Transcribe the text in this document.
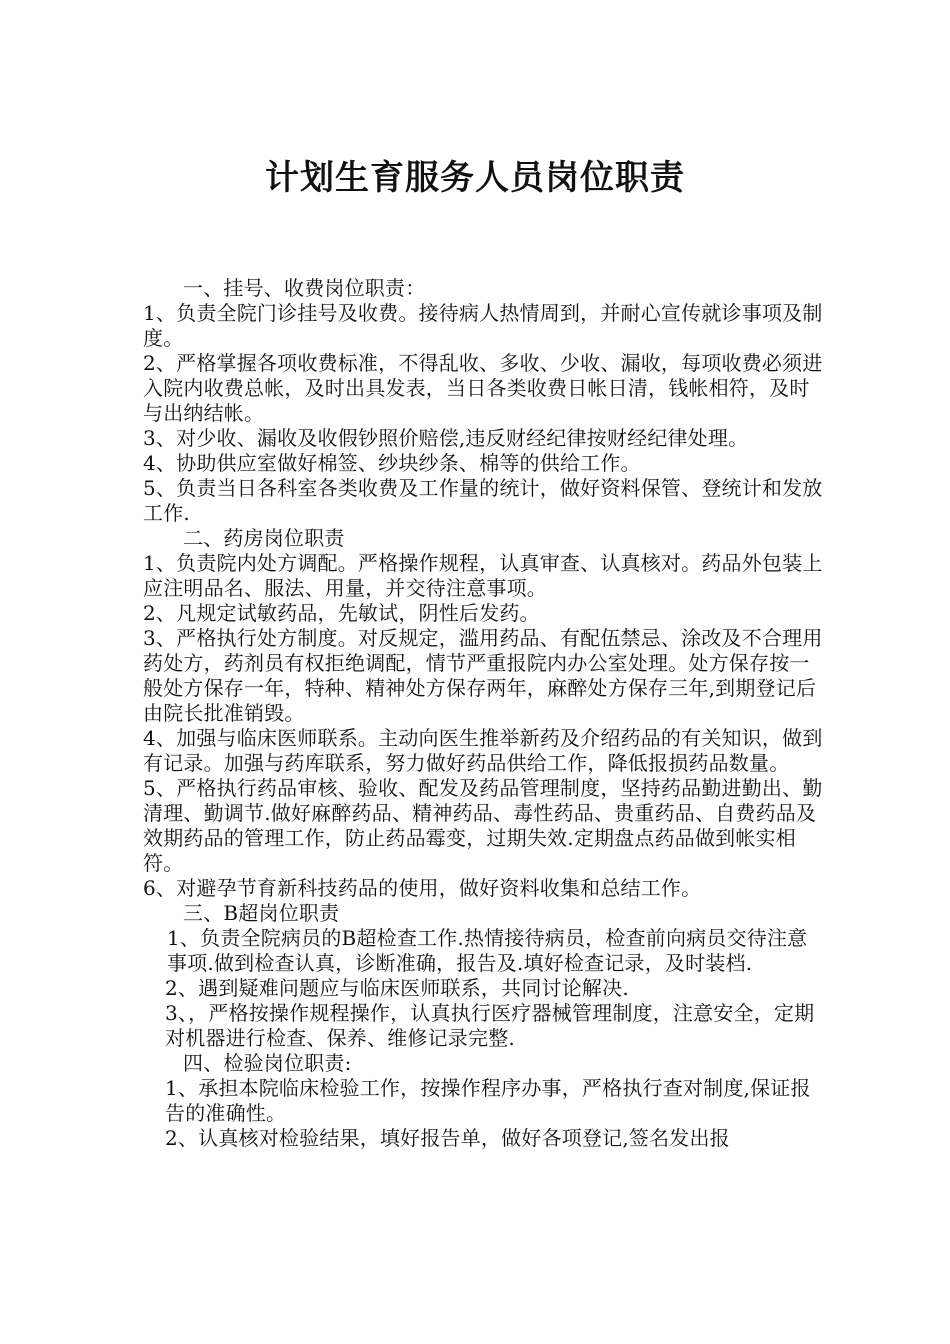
计划生育服务人员岗位职责

一、挂号、收费岗位职责：

1、负责全院门诊挂号及收费。接待病人热情周到，并耐心宣传就诊事项及制度。

2、严格掌握各项收费标准，不得乱收、多收、少收、漏收，每项收费必须进入院内收费总帐，及时出具发表，当日各类收费日帐日清，钱帐相符，及时与出纳结帐。

3、对少收、漏收及收假钞照价赔偿,违反财经纪律按财经纪律处理。

4、协助供应室做好棉签、纱块纱条、棉等的供给工作。

5、负责当日各科室各类收费及工作量的统计，做好资料保管、登统计和发放工作.

二、药房岗位职责

1、负责院内处方调配。严格操作规程，认真审查、认真核对。药品外包装上应注明品名、服法、用量，并交待注意事项。

2、凡规定试敏药品，先敏试，阴性后发药。

3、严格执行处方制度。对反规定，滥用药品、有配伍禁忌、涂改及不合理用药处方，药剂员有权拒绝调配，情节严重报院内办公室处理。处方保存按一般处方保存一年，特种、精神处方保存两年，麻醉处方保存三年,到期登记后由院长批准销毁。

4、加强与临床医师联系。主动向医生推举新药及介绍药品的有关知识，做到有记录。加强与药库联系，努力做好药品供给工作，降低报损药品数量。

5、严格执行药品审核、验收、配发及药品管理制度，坚持药品勤进勤出、勤清理、勤调节.做好麻醉药品、精神药品、毒性药品、贵重药品、自费药品及效期药品的管理工作，防止药品霉变，过期失效.定期盘点药品做到帐实相符。

6、对避孕节育新科技药品的使用，做好资料收集和总结工作。

三、B超岗位职责

1、负责全院病员的B超检查工作.热情接待病员，检查前向病员交待注意事项.做到检查认真，诊断准确，报告及.填好检查记录，及时装档.

2、遇到疑难问题应与临床医师联系，共同讨论解决.

3、，严格按操作规程操作，认真执行医疗器械管理制度，注意安全，定期对机器进行检查、保养、维修记录完整.

四、检验岗位职责:

1、承担本院临床检验工作，按操作程序办事，严格执行查对制度,保证报告的准确性。

2、认真核对检验结果，填好报告单，做好各项登记,签名发出报
